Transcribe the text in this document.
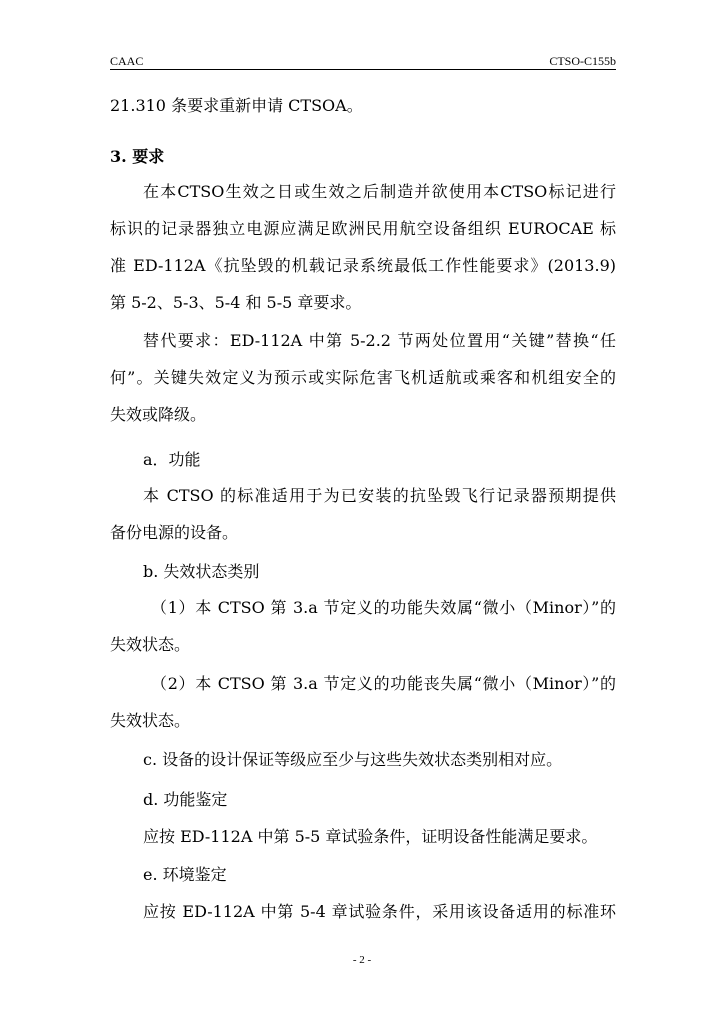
CAAC	CTSO-C155b
21.310 条要求重新申请 CTSOA。
3. 要求
在本CTSO生效之日或生效之后制造并欲使用本CTSO标记进行
标识的记录器独立电源应满足欧洲民用航空设备组织 EUROCAE 标
准 ED-112A《抗坠毁的机载记录系统最低工作性能要求》(2013.9)
第 5-2、5-3、5-4 和 5-5 章要求。
替代要求：ED-112A 中第 5-2.2 节两处位置用“关键”替换“任
何”。关键失效定义为预示或实际危害飞机适航或乘客和机组安全的
失效或降级。
a．功能
本 CTSO 的标准适用于为已安装的抗坠毁飞行记录器预期提供
备份电源的设备。
b. 失效状态类别
（1）本 CTSO 第 3.a 节定义的功能失效属“微小（Minor）”的
失效状态。
（2）本 CTSO 第 3.a 节定义的功能丧失属“微小（Minor）”的
失效状态。
c. 设备的设计保证等级应至少与这些失效状态类别相对应。
d. 功能鉴定
应按 ED-112A 中第 5-5 章试验条件，证明设备性能满足要求。
e. 环境鉴定
应按 ED-112A 中第 5-4 章试验条件，采用该设备适用的标准环
- 2 -
